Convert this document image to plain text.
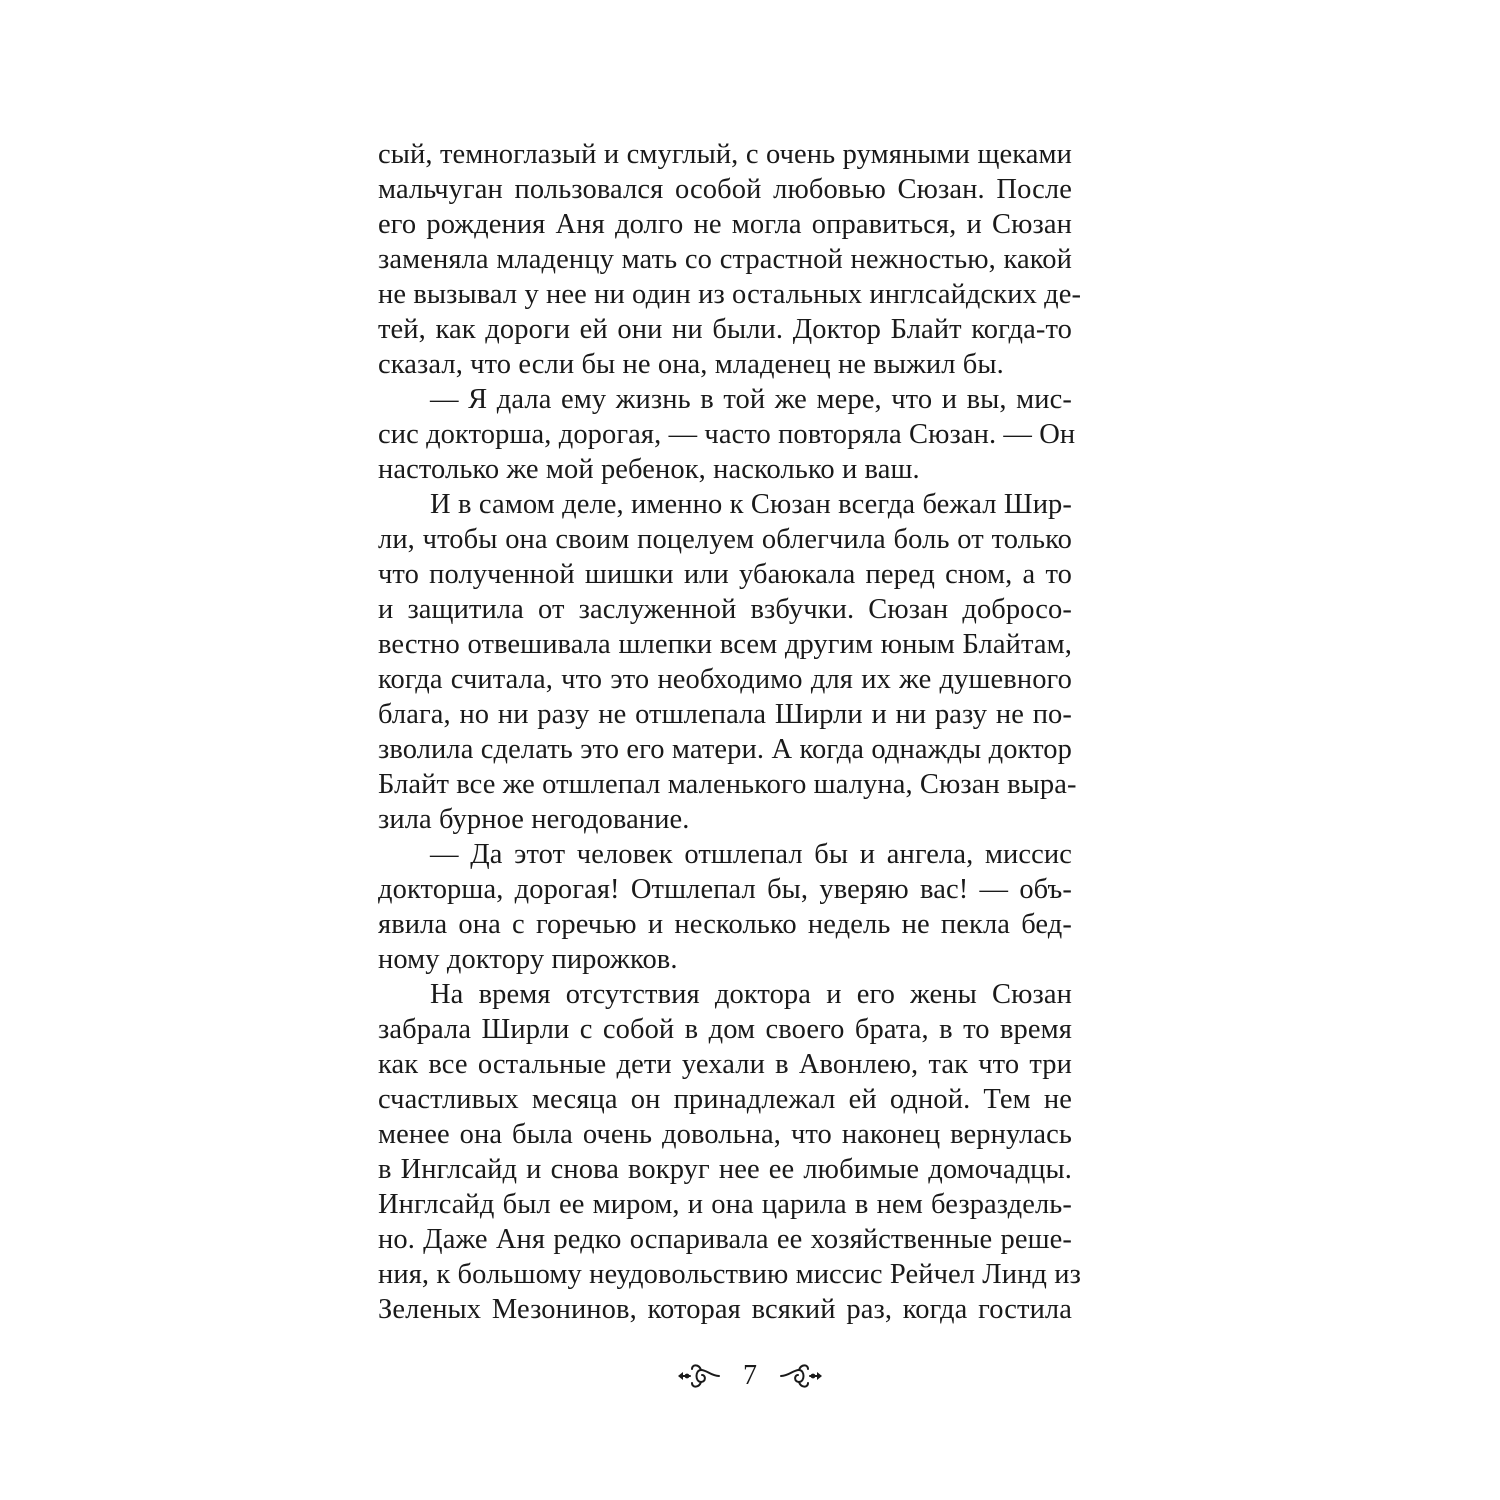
сый, темноглазый и смуглый, с очень румяными щеками
мальчуган пользовался особой любовью Сюзан. После
его рождения Аня долго не могла оправиться, и Сюзан
заменяла младенцу мать со страстной нежностью, какой
не вызывал у нее ни один из остальных инглсайдских де-
тей, как дороги ей они ни были. Доктор Блайт когда-то
сказал, что если бы не она, младенец не выжил бы.
— Я дала ему жизнь в той же мере, что и вы, мис-
сис докторша, дорогая, — часто повторяла Сюзан. — Он
настолько же мой ребенок, насколько и ваш.
И в самом деле, именно к Сюзан всегда бежал Шир-
ли, чтобы она своим поцелуем облегчила боль от только
что полученной шишки или убаюкала перед сном, а то
и защитила от заслуженной взбучки. Сюзан добросо-
вестно отвешивала шлепки всем другим юным Блайтам,
когда считала, что это необходимо для их же душевного
блага, но ни разу не отшлепала Ширли и ни разу не по-
зволила сделать это его матери. А когда однажды доктор
Блайт все же отшлепал маленького шалуна, Сюзан выра-
зила бурное негодование.
— Да этот человек отшлепал бы и ангела, миссис
докторша, дорогая! Отшлепал бы, уверяю вас! — объ-
явила она с горечью и несколько недель не пекла бед-
ному доктору пирожков.
На время отсутствия доктора и его жены Сюзан
забрала Ширли с собой в дом своего брата, в то время
как все остальные дети уехали в Авонлею, так что три
счастливых месяца он принадлежал ей одной. Тем не
менее она была очень довольна, что наконец вернулась
в Инглсайд и снова вокруг нее ее любимые домочадцы.
Инглсайд был ее миром, и она царила в нем безраздель-
но. Даже Аня редко оспаривала ее хозяйственные реше-
ния, к большому неудовольствию миссис Рейчел Линд из
Зеленых Мезонинов, которая всякий раз, когда гостила
7
